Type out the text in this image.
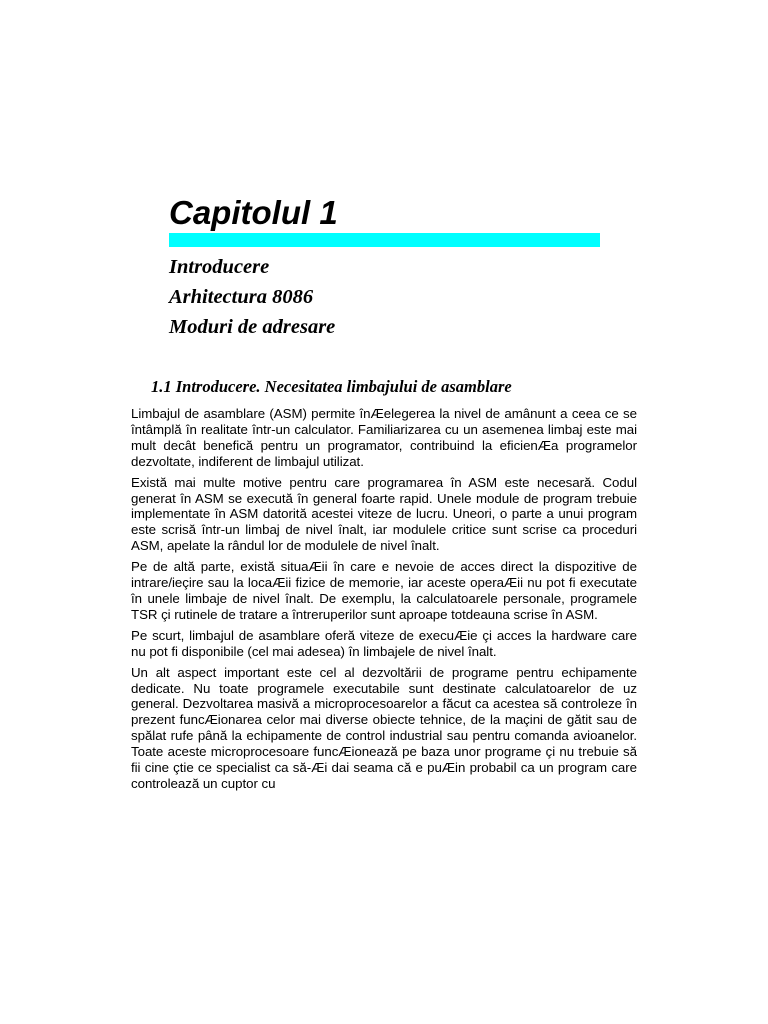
Capitolul 1
Introducere
Arhitectura 8086
Moduri de adresare
1.1 Introducere. Necesitatea limbajului de asamblare

Limbajul de asamblare (ASM) permite înÆelegerea la nivel de amânunt a ceea ce se întâmplă în realitate într-un calculator. Familiarizarea cu un asemenea limbaj este mai mult decât benefică pentru un programator, contribuind la eficienÆa programelor dezvoltate, indiferent de limbajul utilizat.

Există mai multe motive pentru care programarea în ASM este necesară. Codul generat în ASM se execută în general foarte rapid. Unele module de program trebuie implementate în ASM datorită acestei viteze de lucru. Uneori, o parte a unui program este scrisă într-un limbaj de nivel înalt, iar modulele critice sunt scrise ca proceduri ASM, apelate la rândul lor de modulele de nivel înalt.

Pe de altă parte, există situaÆii în care e nevoie de acces direct la dispozitive de intrare/ieçire sau la locaÆii fizice de memorie, iar aceste operaÆii nu pot fi executate în unele limbaje de nivel înalt. De exemplu, la calculatoarele personale, programele TSR çi rutinele de tratare a întreruperilor sunt aproape totdeauna scrise în ASM.

Pe scurt, limbajul de asamblare oferă viteze de execuÆie çi acces la hardware care nu pot fi disponibile (cel mai adesea) în limbajele de nivel înalt.

Un alt aspect important este cel al dezvoltării de programe pentru echipamente dedicate. Nu toate programele executabile sunt destinate calculatoarelor de uz general. Dezvoltarea masivă a microprocesoarelor a făcut ca acestea să controleze în prezent funcÆionarea celor mai diverse obiecte tehnice, de la maçini de gătit sau de spălat rufe până la echipamente de control industrial sau pentru comanda avioanelor. Toate aceste microprocesoare funcÆionează pe baza unor programe çi nu trebuie să fii cine çtie ce specialist ca să-Æi dai seama că e puÆin probabil ca un program care controlează un cuptor cu
